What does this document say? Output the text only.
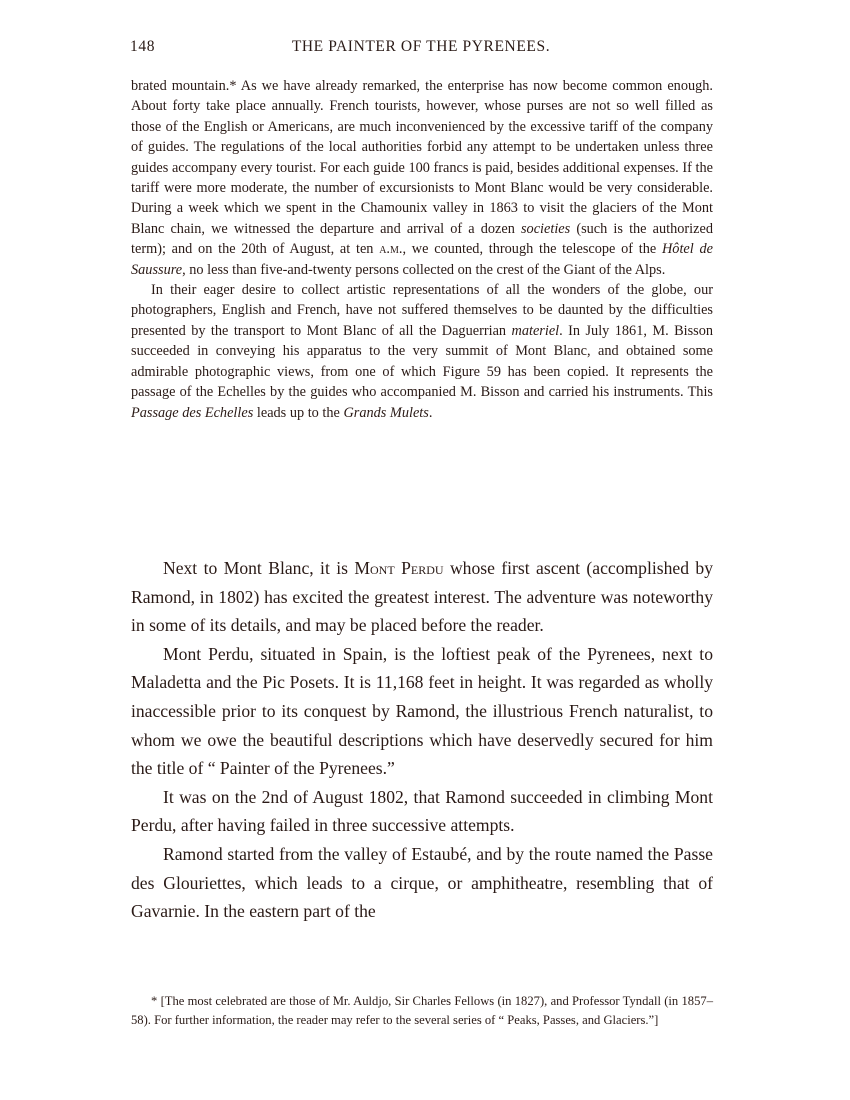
148	THE PAINTER OF THE PYRENEES.

brated mountain.* As we have already remarked, the enterprise has now become common enough. About forty take place annually. French tourists, however, whose purses are not so well filled as those of the English or Americans, are much inconvenienced by the excessive tariff of the company of guides. The regulations of the local authorities forbid any attempt to be undertaken unless three guides accompany every tourist. For each guide 100 francs is paid, besides additional expenses. If the tariff were more moderate, the number of excursionists to Mont Blanc would be very considerable. During a week which we spent in the Chamounix valley in 1863 to visit the glaciers of the Mont Blanc chain, we witnessed the departure and arrival of a dozen societies (such is the authorized term); and on the 20th of August, at ten a.m., we counted, through the telescope of the Hôtel de Saussure, no less than five-and-twenty persons collected on the crest of the Giant of the Alps.

In their eager desire to collect artistic representations of all the wonders of the globe, our photographers, English and French, have not suffered themselves to be daunted by the difficulties presented by the transport to Mont Blanc of all the Daguerrian materiel. In July 1861, M. Bisson succeeded in conveying his apparatus to the very summit of Mont Blanc, and obtained some admirable photographic views, from one of which Figure 59 has been copied. It represents the passage of the Echelles by the guides who accompanied M. Bisson and carried his instruments. This Passage des Echelles leads up to the Grands Mulets.

Next to Mont Blanc, it is Mont Perdu whose first ascent (accomplished by Ramond, in 1802) has excited the greatest interest. The adventure was noteworthy in some of its details, and may be placed before the reader.

Mont Perdu, situated in Spain, is the loftiest peak of the Pyrenees, next to Maladetta and the Pic Posets. It is 11,168 feet in height. It was regarded as wholly inaccessible prior to its conquest by Ramond, the illustrious French naturalist, to whom we owe the beautiful descriptions which have deservedly secured for him the title of “ Painter of the Pyrenees.”

It was on the 2nd of August 1802, that Ramond succeeded in climbing Mont Perdu, after having failed in three successive attempts.

Ramond started from the valley of Estaubé, and by the route named the Passe des Glouriettes, which leads to a cirque, or amphitheatre, resembling that of Gavarnie. In the eastern part of the

* [The most celebrated are those of Mr. Auldjo, Sir Charles Fellows (in 1827), and Professor Tyndall (in 1857–58). For further information, the reader may refer to the several series of “ Peaks, Passes, and Glaciers.”]
